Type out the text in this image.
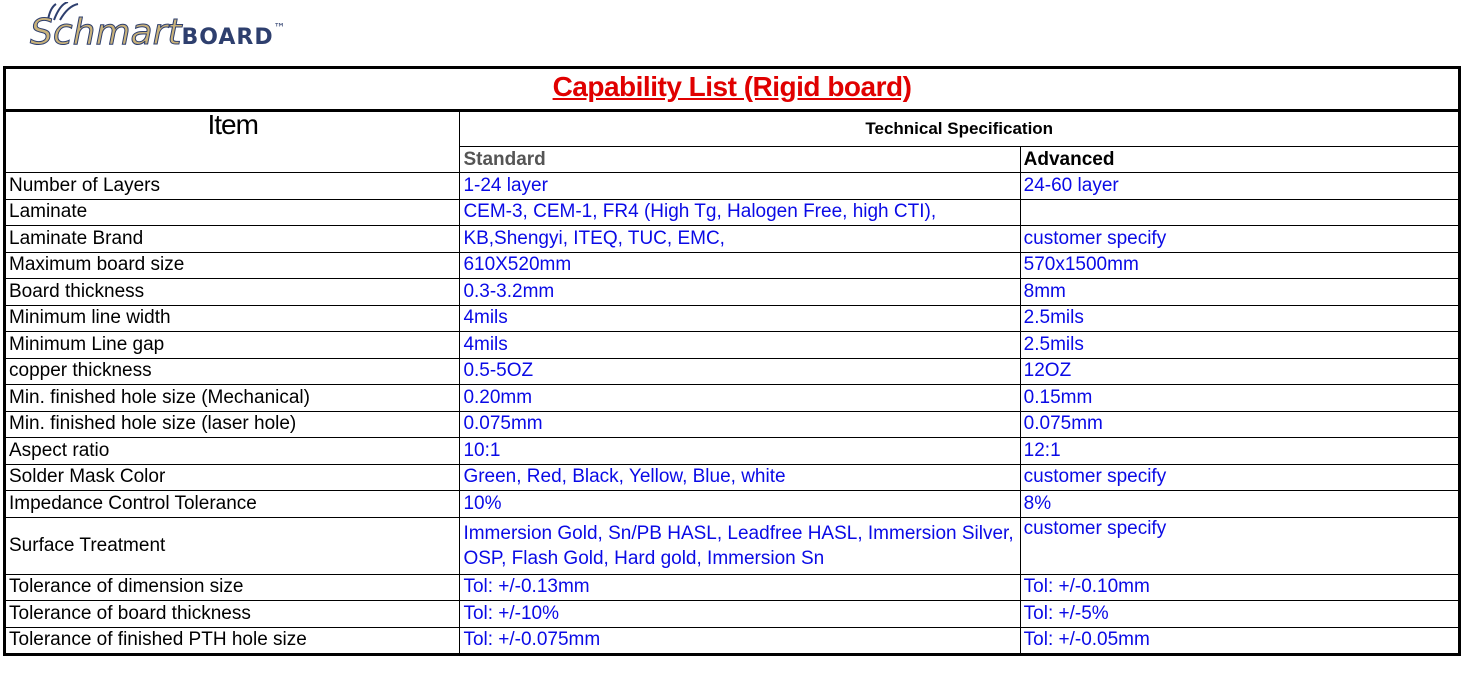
SchmartBOARD™
Capability List (Rigid board)		
Item	Technical Specification	
	Standard	Advanced
Number of Layers	1-24 layer	24-60 layer
Laminate	CEM-3, CEM-1, FR4 (High Tg, Halogen Free, high CTI),	
Laminate Brand	KB,Shengyi, ITEQ, TUC, EMC,	customer specify
Maximum board size	610X520mm	570x1500mm
Board thickness	0.3-3.2mm	8mm
Minimum line width	4mils	2.5mils
Minimum Line gap	4mils	2.5mils
copper thickness	0.5-5OZ	12OZ
Min. finished hole size (Mechanical)	0.20mm	0.15mm
Min. finished hole size (laser hole)	0.075mm	0.075mm
Aspect ratio	10:1	12:1
Solder Mask Color	Green, Red, Black, Yellow, Blue, white	customer specify
Impedance Control Tolerance	10%	8%
Surface Treatment	Immersion Gold, Sn/PB HASL, Leadfree HASL, Immersion Silver, OSP, Flash Gold, Hard gold, Immersion Sn	customer specify
Tolerance of dimension size	Tol: +/-0.13mm	Tol: +/-0.10mm
Tolerance of board thickness	Tol: +/-10%	Tol: +/-5%
Tolerance of finished PTH hole size	Tol: +/-0.075mm	Tol: +/-0.05mm
